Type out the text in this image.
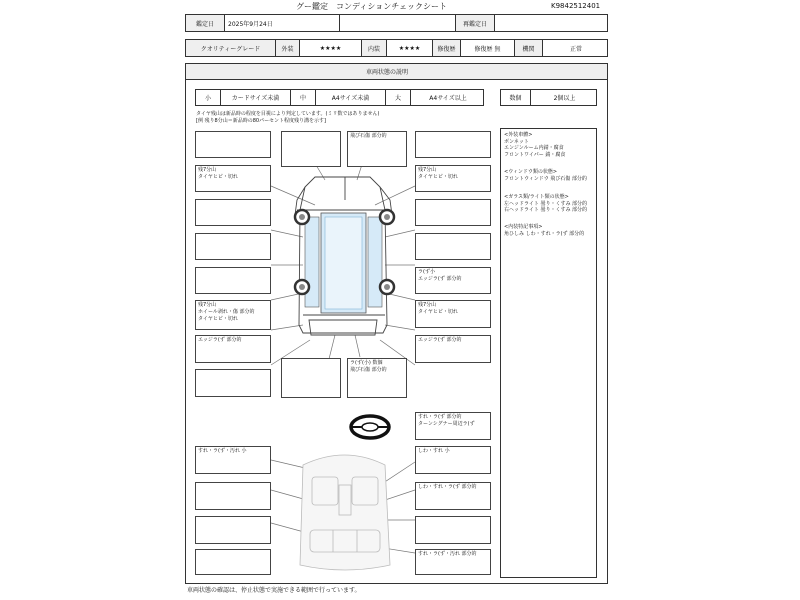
グー鑑定　コンディションチェックシート	K9842512401
鑑定日	2025年9月24日	再鑑定日
クオリティーグレード	外装	★★★★	内装	★★★★	修復歴	修復歴 無	機関	正常
車両状態の説明
小	カードサイズ未満	中	A4サイズ未満	大	A4サイズ以上	数個	2個以上
タイヤ残山は新品時の程度を目視により判定しています。(ミリ数ではありません)
[例 残り8分山＝新品時の80パーセント程度残り溝を示す]
残7分山
タイヤヒビ・切れ
残7分山
ホイール剥れ・傷 部分的
タイヤヒビ・切れ
エッジラ(ず 部分的
飛び石傷 部分的
残7分山
タイヤヒビ・切れ
ラ(ず小
エッジラ(ず 部分的
残7分山
タイヤヒビ・切れ
エッジラ(ず 部分的
ラ(ず(小) 数個
飛び石傷 部分的
すれ・ラ(ず 部分的
ターンシグナー周辺ラ(ず
すれ・ラ(ず・汚れ 小	しわ・すれ 小
しわ・すれ・ラ(ず 部分的
すれ・ラ(ず・汚れ 部分的
<外装車體>
ボンネット
エンジンルーム内錆・腐食
フロントワイパー 錆・腐食
<ウィンドウ類の状態>
フロントウィンドウ 飛び石傷 部分的
<ガラス類/ライト類の状態>
左ヘッドライト 曇り・くすみ 部分的
右ヘッドライト 曇り・くすみ 部分的
<内装特記事項>
角ひしみ しわ・すれ・ラ(ず 部分的
車両状態の確認は、停止状態で実施できる範囲で行っています。
